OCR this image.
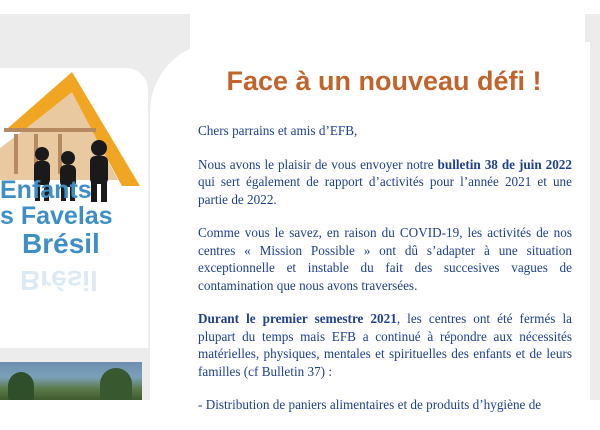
Enfants
s Favelas
Brésil
Brésil
Face à un nouveau défi !

Chers parrains et amis d’EFB,

Nous avons le plaisir de vous envoyer notre bulletin 38 de juin 2022 qui sert également de rapport d’activités pour l’année 2021 et une partie de 2022.

Comme vous le savez, en raison du COVID-19, les activités de nos centres « Mission Possible » ont dû s’adapter à une situation exceptionnelle et instable du fait des succesives vagues de contamination que nous avons traversées.

Durant le premier semestre 2021, les centres ont été fermés la plupart du temps mais EFB a continué à répondre aux nécessités matérielles, physiques, mentales et spirituelles des enfants et de leurs familles (cf Bulletin 37) :

- Distribution de paniers alimentaires et de produits d’hygiène de
